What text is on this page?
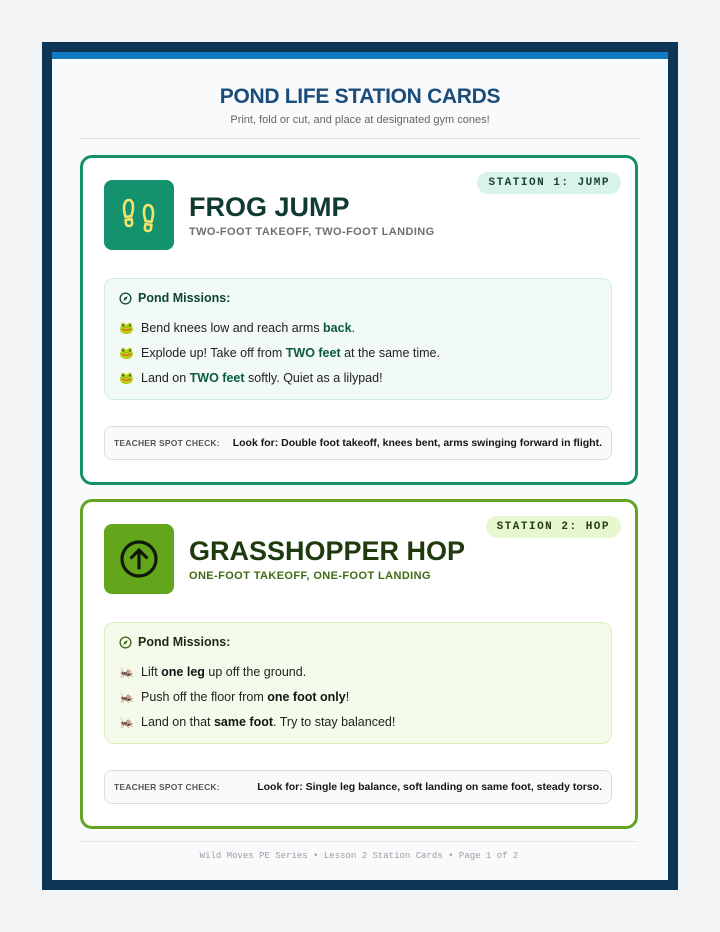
POND LIFE STATION CARDS
Print, fold or cut, and place at designated gym cones!
STATION 1: JUMP
FROG JUMP
TWO-FOOT TAKEOFF, TWO-FOOT LANDING
Pond Missions:
🐸 Bend knees low and reach arms back .
🐸 Explode up! Take off from TWO feet at the same time.
🐸 Land on TWO feet softly. Quiet as a lilypad!
TEACHER SPOT CHECK: Look for: Double foot takeoff, knees bent, arms swinging forward in flight.
STATION 2: HOP
GRASSHOPPER HOP
ONE-FOOT TAKEOFF, ONE-FOOT LANDING
Pond Missions:
🦗 Lift one leg up off the ground.
🦗 Push off the floor from one foot only !
🦗 Land on that same foot . Try to stay balanced!
TEACHER SPOT CHECK:	Look for: Single leg balance, soft landing on same foot, steady torso.
Wild Moves PE Series • Lesson 2 Station Cards • Page 1 of 2
